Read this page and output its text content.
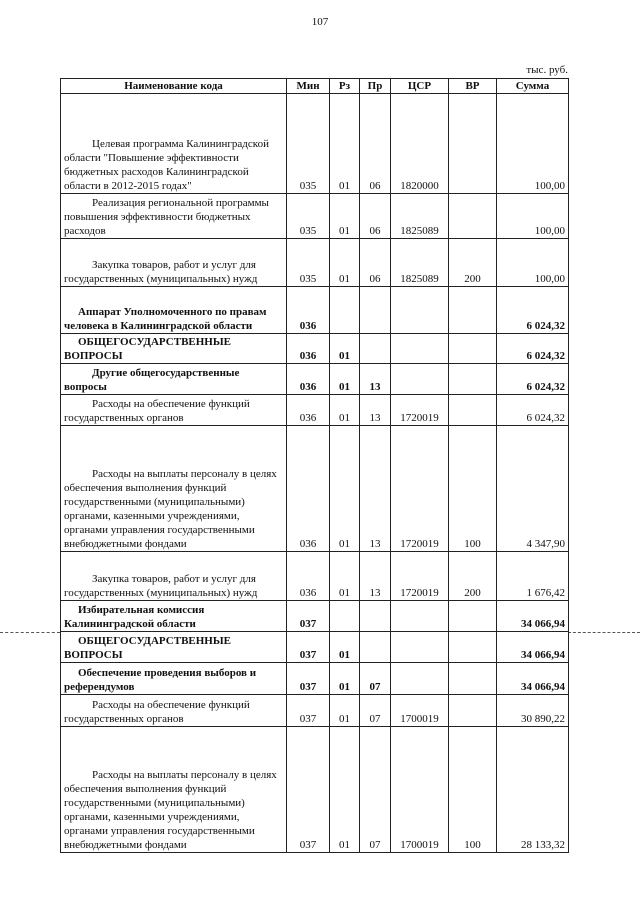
107
тыс. руб.
Наименование кода	Мин	Рз	Пр	ЦСР	ВР	Сумма

Целевая программа Калининградской области "Повышение эффективности бюджетных расходов Калининградской области в 2012-2015 годах"	035	01	06	1820000		100,00

Реализация региональной программы повышения эффективности бюджетных расходов	035	01	06	1825089		100,00

Закупка товаров, работ и услуг для государственных (муниципальных) нужд	035	01	06	1825089	200	100,00

Аппарат Уполномоченного по правам человека в Калининградской области	036					6 024,32

ОБЩЕГОСУДАРСТВЕННЫЕ ВОПРОСЫ	036	01				6 024,32

Другие общегосударственные вопросы	036	01	13			6 024,32

Расходы на обеспечение функций государственных органов	036	01	13	1720019		6 024,32

Расходы на выплаты персоналу в целях обеспечения выполнения функций государственными (муниципальными) органами, казенными учреждениями, органами управления государственными внебюджетными фондами	036	01	13	1720019	100	4 347,90

Закупка товаров, работ и услуг для государственных (муниципальных) нужд	036	01	13	1720019	200	1 676,42

Избирательная комиссия Калининградской области	037					34 066,94

ОБЩЕГОСУДАРСТВЕННЫЕ ВОПРОСЫ	037	01				34 066,94

Обеспечение проведения выборов и референдумов	037	01	07			34 066,94

Расходы на обеспечение функций государственных органов	037	01	07	1700019		30 890,22

Расходы на выплаты персоналу в целях обеспечения выполнения функций государственными (муниципальными) органами, казенными учреждениями, органами управления государственными внебюджетными фондами	037	01	07	1700019	100	28 133,32
